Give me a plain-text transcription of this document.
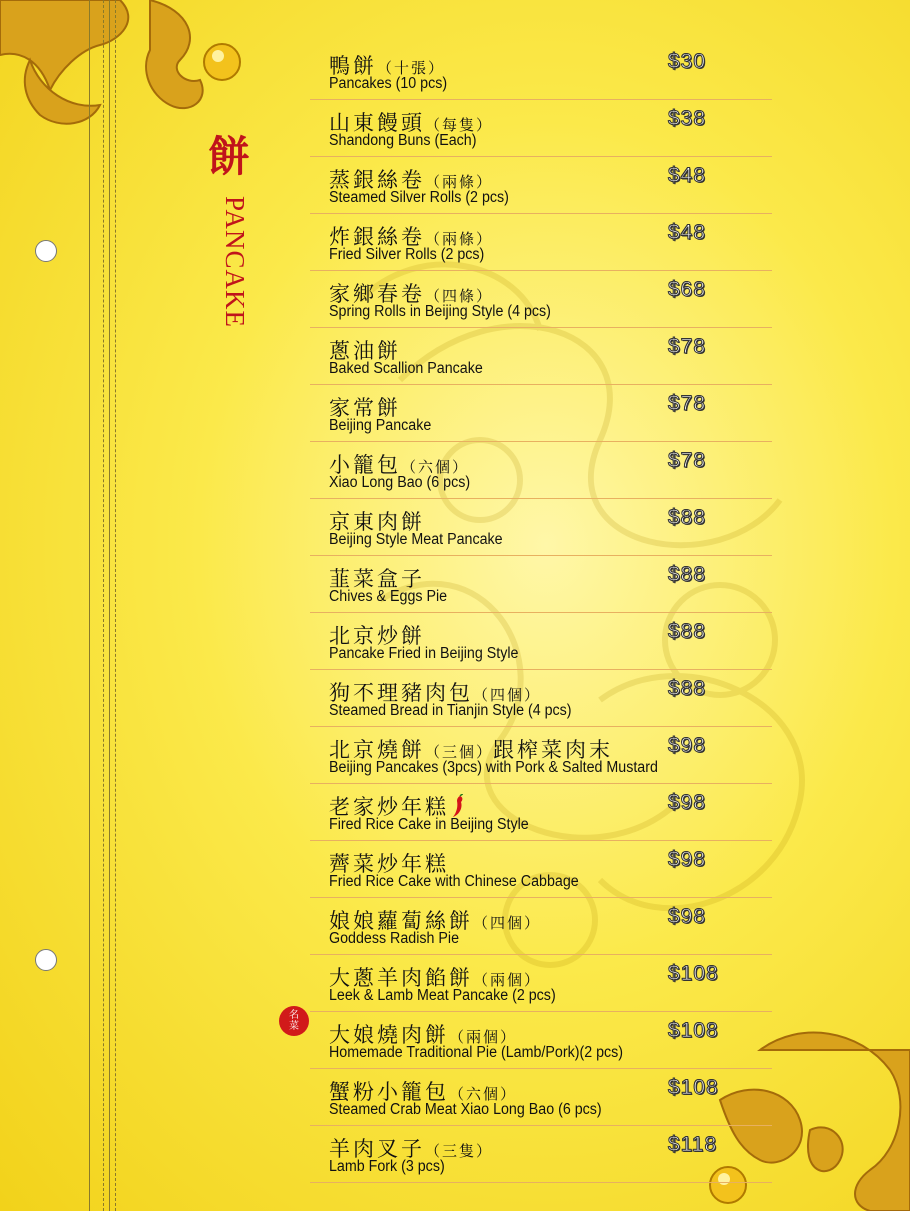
餅
PANCAKE
名
菜
鴨餅（十張）
Pancakes (10 pcs)
$30
山東饅頭（每隻）
Shandong Buns (Each)
$38
蒸銀絲卷（兩條）
Steamed Silver Rolls (2 pcs)
$48
炸銀絲卷（兩條）
Fried Silver Rolls (2 pcs)
$48
家鄉春卷（四條）
Spring Rolls in Beijing Style (4 pcs)
$68
蔥油餅
Baked Scallion Pancake
$78
家常餅
Beijing Pancake
$78
小籠包（六個）
Xiao Long Bao (6 pcs)
$78
京東肉餅
Beijing Style Meat Pancake
$88
韮菜盒子
Chives & Eggs Pie
$88
北京炒餅
Pancake Fried in Beijing Style
$88
狗不理豬肉包（四個）
Steamed Bread in Tianjin Style (4 pcs)
$88
北京燒餅（三個）跟榨菜肉末
Beijing Pancakes (3pcs) with Pork & Salted Mustard
$98
老家炒年糕
Fired Rice Cake in Beijing Style
$98
薺菜炒年糕
Fried Rice Cake with Chinese Cabbage
$98
娘娘蘿蔔絲餅（四個）
Goddess Radish Pie
$98
大蔥羊肉餡餅（兩個）
Leek & Lamb Meat Pancake (2 pcs)
$108
大娘燒肉餅（兩個）
Homemade Traditional Pie (Lamb/Pork)(2 pcs)
$108
蟹粉小籠包（六個）
Steamed Crab Meat Xiao Long Bao (6 pcs)
$108
羊肉叉子（三隻）
Lamb Fork (3 pcs)
$118
